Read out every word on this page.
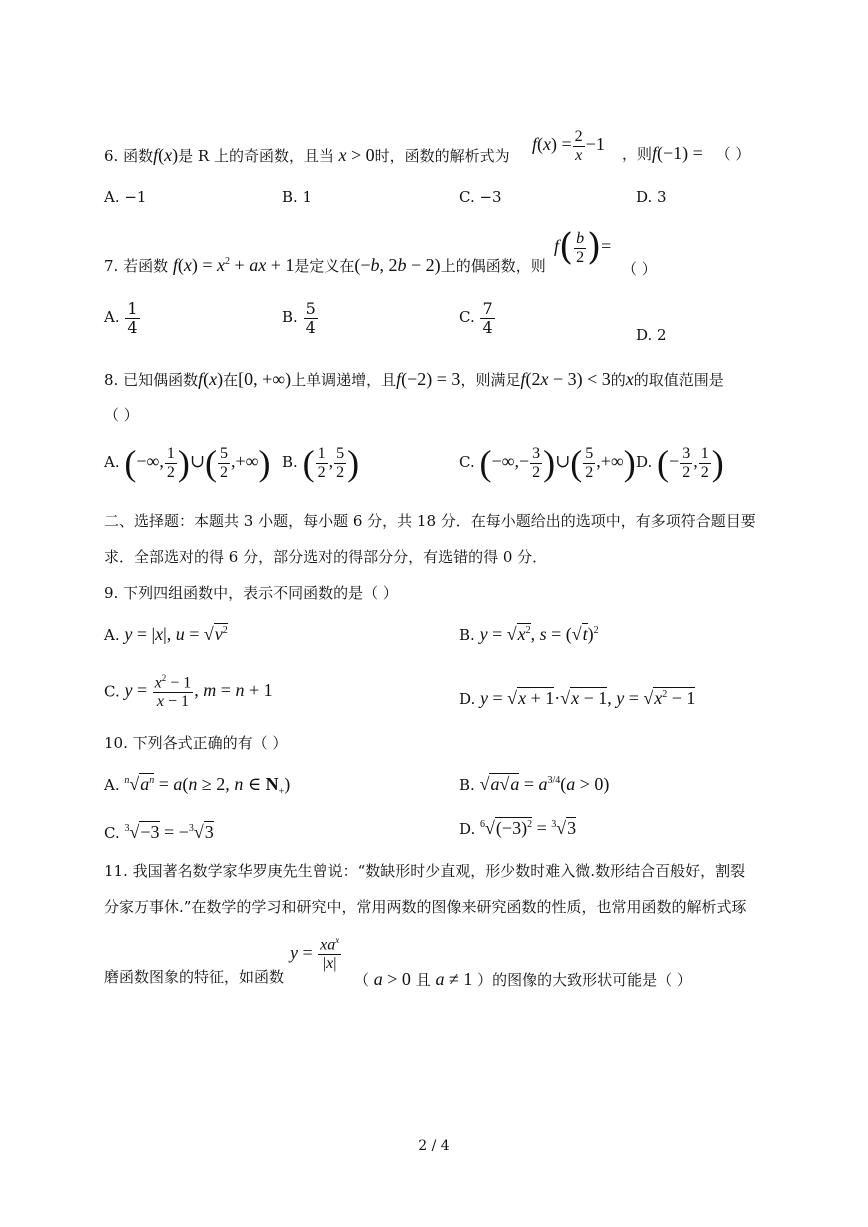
6. 函数f(x)是 R 上的奇函数，且当 x > 0时，函数的解析式为
$f(x) = \frac{2}{x} -1$ ，则f(−1) = （ ）
A. −1	B. 1	C. −3	D. 3
7. 若函数 $f(x) = x^2$ + ax + 1是定义在(−b, 2b − 2)上的偶函数，则
$f( \frac{b}{2}$ )=
（ ）
A. $\frac{1}{4}$	B. $\frac{5}{4}$	C. $\frac{7}{4}$	D. 2
8. 已知偶函数f(x)在[0, +∞)上单调递增，且f(−2) = 3，则满足f(2x − 3) < 3的x的取值范围是
（ ）
A. (−∞, $\frac{1}{2}$ )∪( $\frac{5}{2}$ ,+∞) B. ( $\frac{1}{2}$ , $\frac{5}{2}$ )	C. (−∞,− $\frac{3}{2}$ )∪( $\frac{5}{2}$ ,+∞) D. (− $\frac{3}{2}$ , $\frac{1}{2}$ )
二、选择题：本题共 3 小题，每小题 6 分，共 18 分．在每小题给出的选项中，有多项符合题目要
求．全部选对的得 6 分，部分选对的得部分分，有选错的得 0 分．
9. 下列四组函数中，表示不同函数的是（ ）
A. y = |x|, $u = √v^2$	B. $y = √x^2$, $s = (√t)^2$
C. $y = \frac{x^2 - 1}{x - 1}$ , m = n + 1	D. y = √x + 1·√x − 1, $y = √x^2 - 1$
10. 下列各式正确的有（ ）
A. $^n√a^n = a(n \ge 2$, n ∈ $N_+$)	B. $√a√a = a^{3/4}(a > 0)$
C. $^3$√−3 = −$^3$√3	D. $^6√(-3)^2 = ^3√3$
11. 我国著名数学家华罗庚先生曾说：“数缺形时少直观，形少数时难入微.数形结合百般好，割裂
分家万事休.”在数学的学习和研究中，常用两数的图像来研究函数的性质，也常用函数的解析式琢
磨函数图象的特征，如函数
$y = \frac{xa^x}{|x|}$
（ a > 0 且 a ≠ 1 ）的图像的大致形状可能是（ ）
2 / 4
